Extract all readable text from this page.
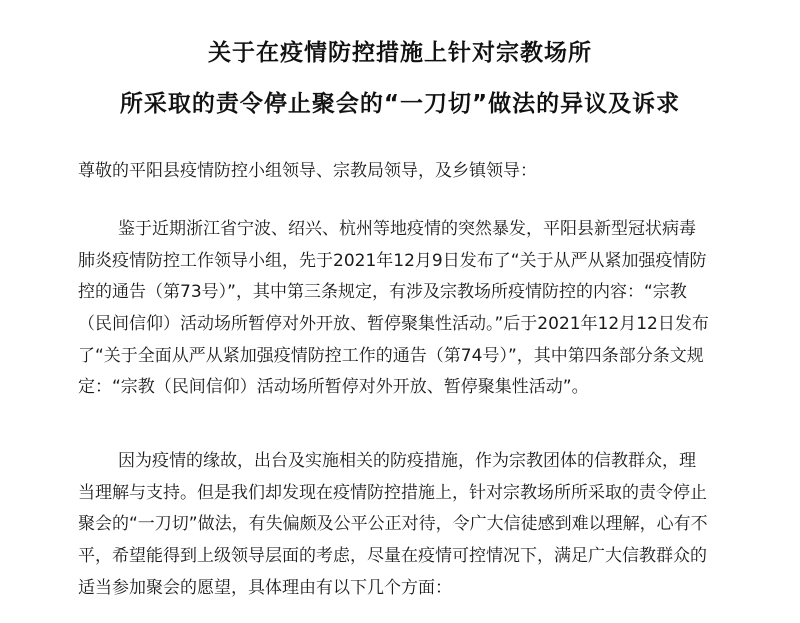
关于在疫情防控措施上针对宗教场所
所采取的责令停止聚会的“一刀切”做法的异议及诉求
尊敬的平阳县疫情防控小组领导、宗教局领导，及乡镇领导：
鉴于近期浙江省宁波、绍兴、杭州等地疫情的突然暴发，平阳县新型冠状病毒
肺炎疫情防控工作领导小组，先于2021年12月9日发布了“关于从严从紧加强疫情防
控的通告（第73号）”，其中第三条规定，有涉及宗教场所疫情防控的内容：“宗教
（民间信仰）活动场所暂停对外开放、暂停聚集性活动。”后于2021年12月12日发布
了“关于全面从严从紧加强疫情防控工作的通告（第74号）”，其中第四条部分条文规
定：“宗教（民间信仰）活动场所暂停对外开放、暂停聚集性活动”。
因为疫情的缘故，出台及实施相关的防疫措施，作为宗教团体的信教群众，理
当理解与支持。但是我们却发现在疫情防控措施上，针对宗教场所所采取的责令停止
聚会的“一刀切”做法，有失偏颇及公平公正对待，令广大信徒感到难以理解，心有不
平，希望能得到上级领导层面的考虑，尽量在疫情可控情况下，满足广大信教群众的
适当参加聚会的愿望，具体理由有以下几个方面：
